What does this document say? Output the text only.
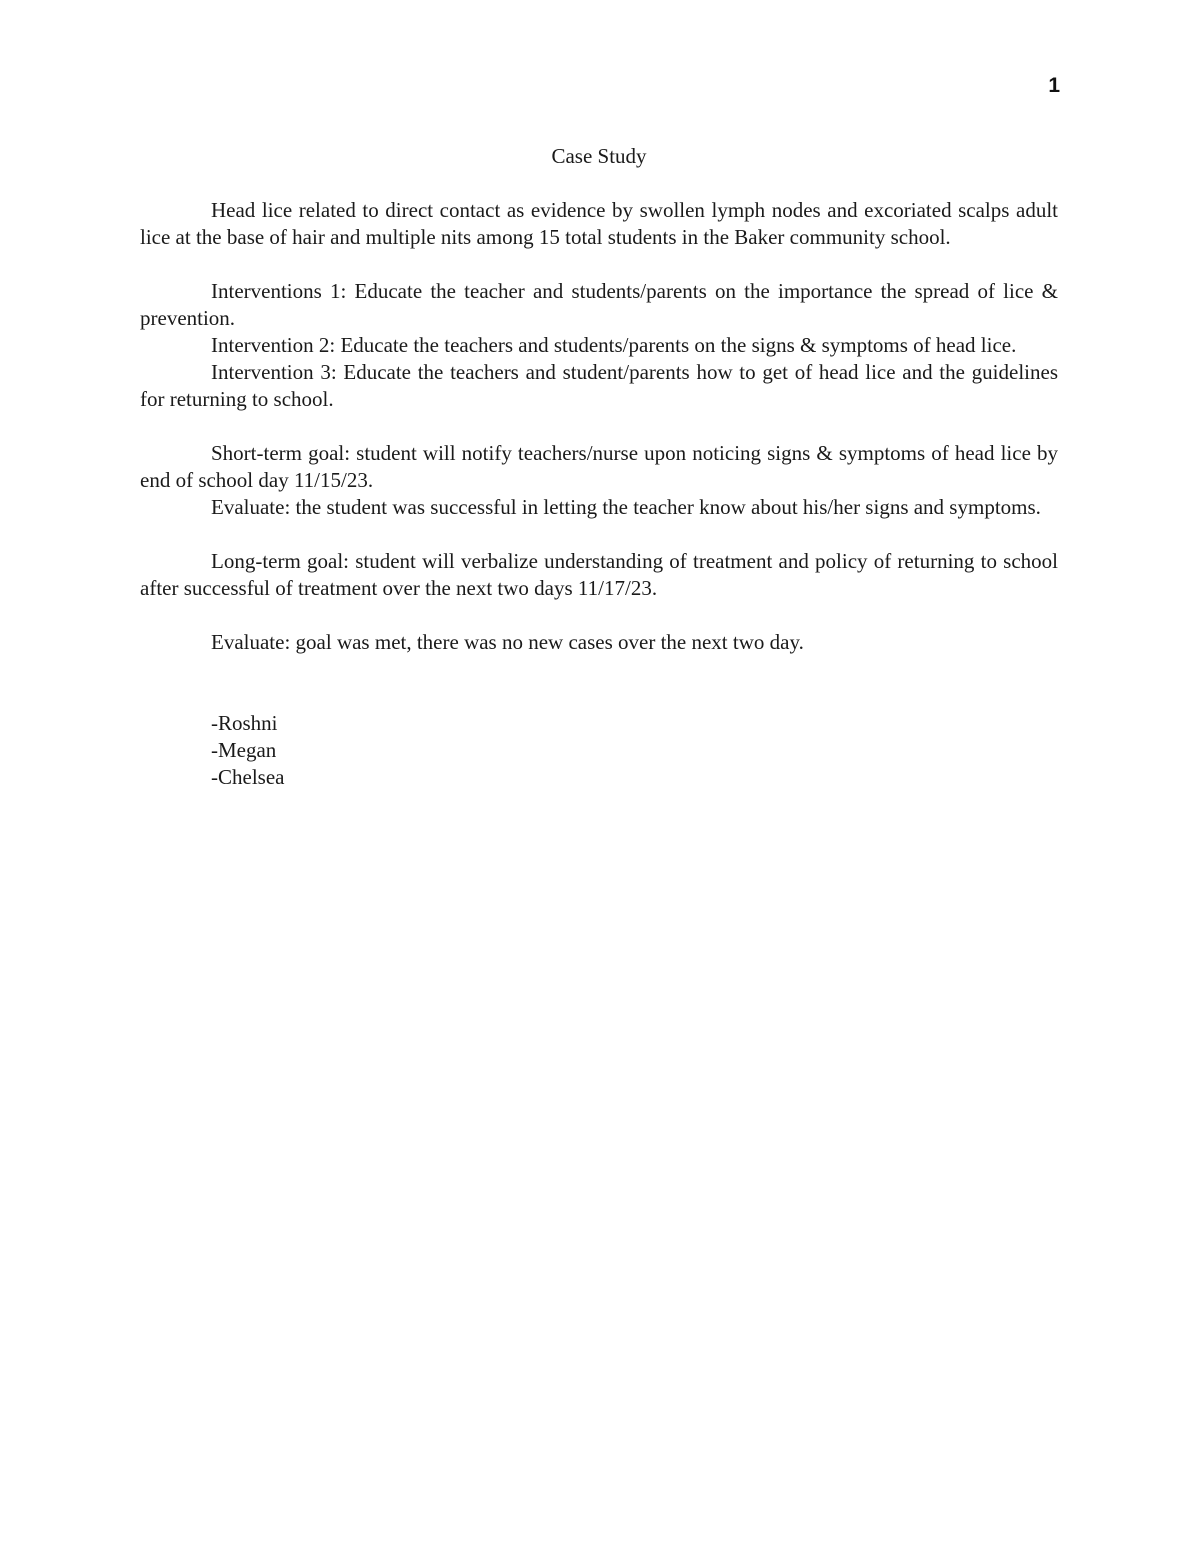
1

Case Study

Head lice related to direct contact as evidence by swollen lymph nodes and excoriated scalps adult lice at the base of hair and multiple nits among 15 total students in the Baker community school.

Interventions 1: Educate the teacher and students/parents on the importance the spread of lice & prevention.

Intervention 2: Educate the teachers and students/parents on the signs & symptoms of head lice.

Intervention 3: Educate the teachers and student/parents how to get of head lice and the guidelines for returning to school.

Short-term goal: student will notify teachers/nurse upon noticing signs & symptoms of head lice by end of school day 11/15/23.

Evaluate: the student was successful in letting the teacher know about his/her signs and symptoms.

Long-term goal: student will verbalize understanding of treatment and policy of returning to school after successful of treatment over the next two days 11/17/23.

Evaluate: goal was met, there was no new cases over the next two day.

-Roshni

-Megan

-Chelsea
